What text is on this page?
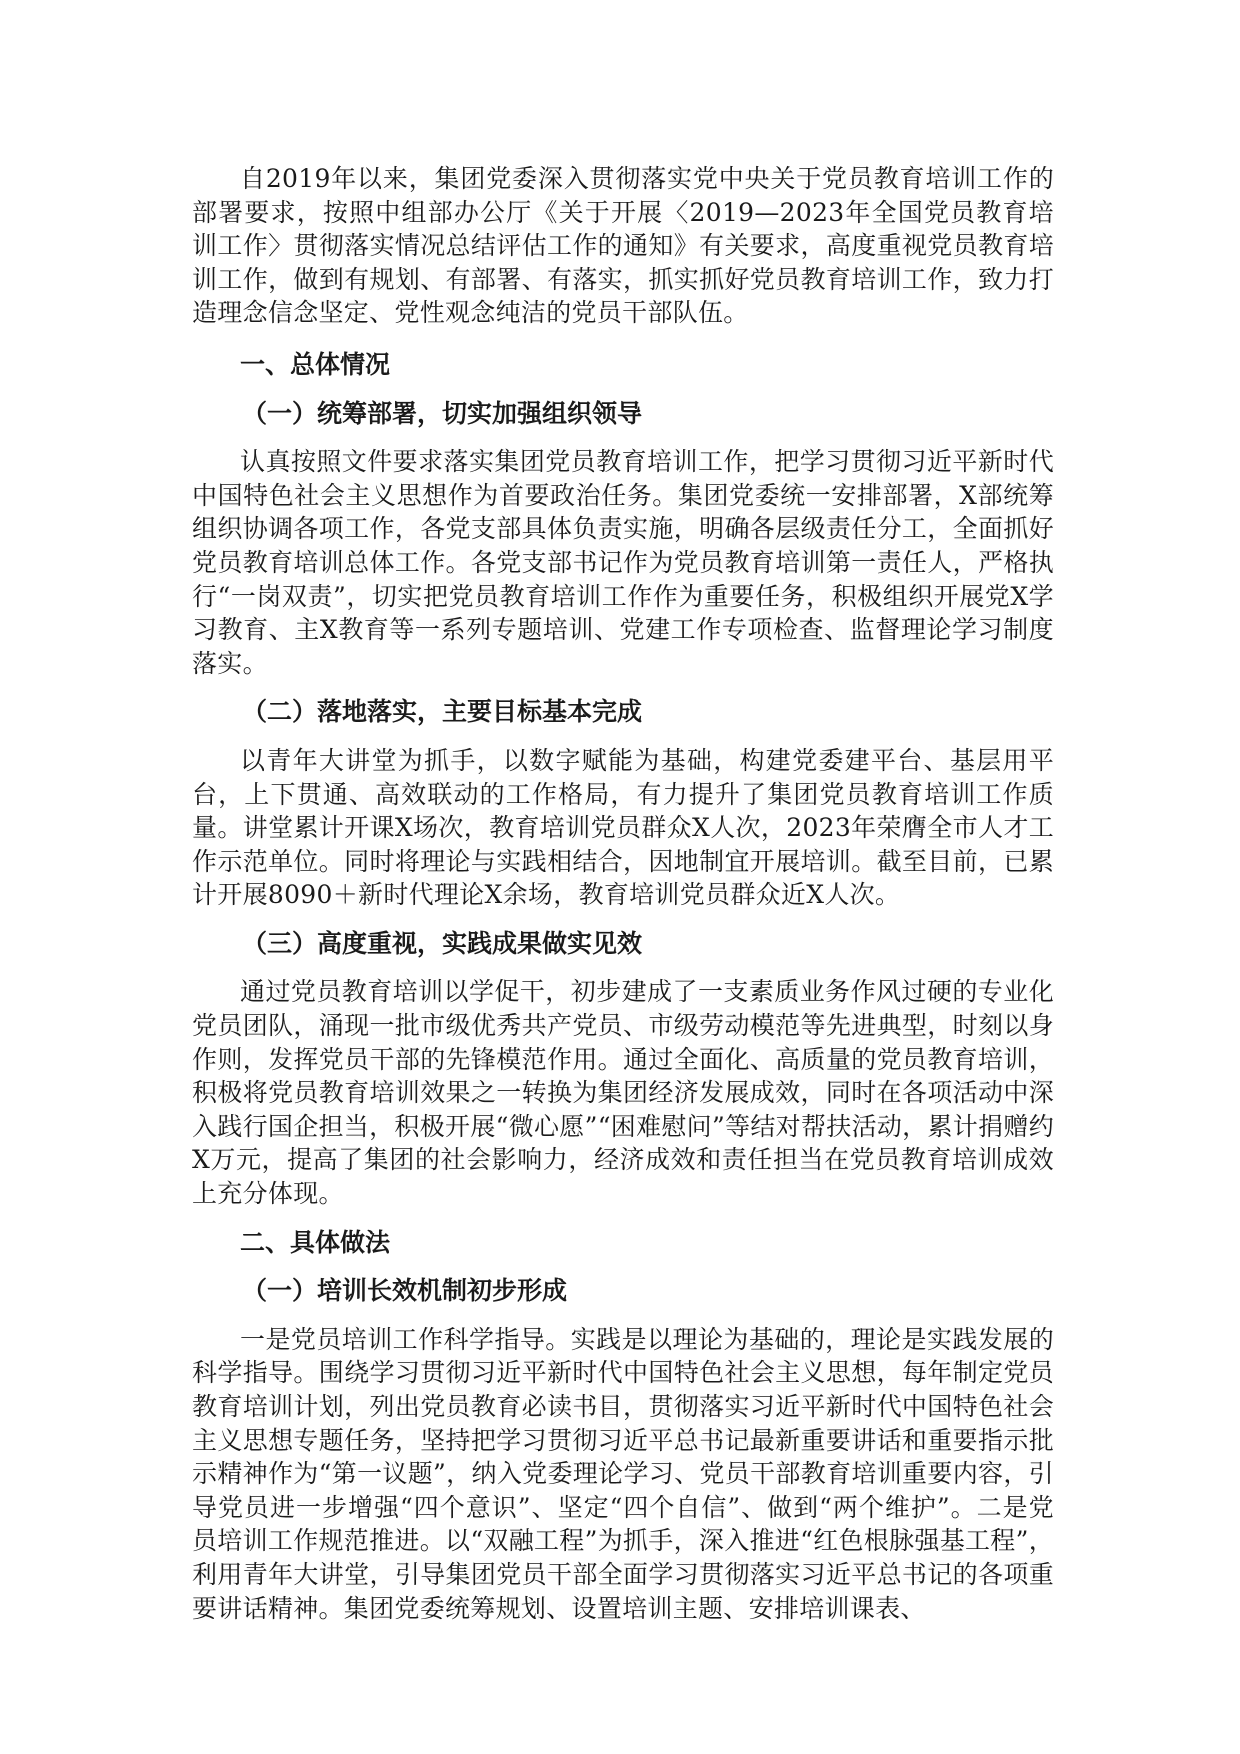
自2019年以来，集团党委深入贯彻落实党中央关于党员教育培训工作的部署要求，按照中组部办公厅《关于开展〈2019—2023年全国党员教育培训工作〉贯彻落实情况总结评估工作的通知》有关要求，高度重视党员教育培训工作，做到有规划、有部署、有落实，抓实抓好党员教育培训工作，致力打造理念信念坚定、党性观念纯洁的党员干部队伍。

一、总体情况

（一）统筹部署，切实加强组织领导

认真按照文件要求落实集团党员教育培训工作，把学习贯彻习近平新时代中国特色社会主义思想作为首要政治任务。集团党委统一安排部署，X部统筹组织协调各项工作，各党支部具体负责实施，明确各层级责任分工，全面抓好党员教育培训总体工作。各党支部书记作为党员教育培训第一责任人，严格执行“一岗双责”，切实把党员教育培训工作作为重要任务，积极组织开展党X学习教育、主X教育等一系列专题培训、党建工作专项检查、监督理论学习制度落实。

（二）落地落实，主要目标基本完成

以青年大讲堂为抓手，以数字赋能为基础，构建党委建平台、基层用平台，上下贯通、高效联动的工作格局，有力提升了集团党员教育培训工作质量。讲堂累计开课X场次，教育培训党员群众X人次，2023年荣膺全市人才工作示范单位。同时将理论与实践相结合，因地制宜开展培训。截至目前，已累计开展8090＋新时代理论X余场，教育培训党员群众近X人次。

（三）高度重视，实践成果做实见效

通过党员教育培训以学促干，初步建成了一支素质业务作风过硬的专业化党员团队，涌现一批市级优秀共产党员、市级劳动模范等先进典型，时刻以身作则，发挥党员干部的先锋模范作用。通过全面化、高质量的党员教育培训，积极将党员教育培训效果之一转换为集团经济发展成效，同时在各项活动中深入践行国企担当，积极开展“微心愿”“困难慰问”等结对帮扶活动，累计捐赠约X万元，提高了集团的社会影响力，经济成效和责任担当在党员教育培训成效上充分体现。

二、具体做法

（一）培训长效机制初步形成

一是党员培训工作科学指导。实践是以理论为基础的，理论是实践发展的科学指导。围绕学习贯彻习近平新时代中国特色社会主义思想，每年制定党员教育培训计划，列出党员教育必读书目，贯彻落实习近平新时代中国特色社会主义思想专题任务，坚持把学习贯彻习近平总书记最新重要讲话和重要指示批示精神作为“第一议题”，纳入党委理论学习、党员干部教育培训重要内容，引导党员进一步增强“四个意识”、坚定“四个自信”、做到“两个维护”。二是党员培训工作规范推进。以“双融工程”为抓手，深入推进“红色根脉强基工程”，利用青年大讲堂，引导集团党员干部全面学习贯彻落实习近平总书记的各项重要讲话精神。集团党委统筹规划、设置培训主题、安排培训课表、
